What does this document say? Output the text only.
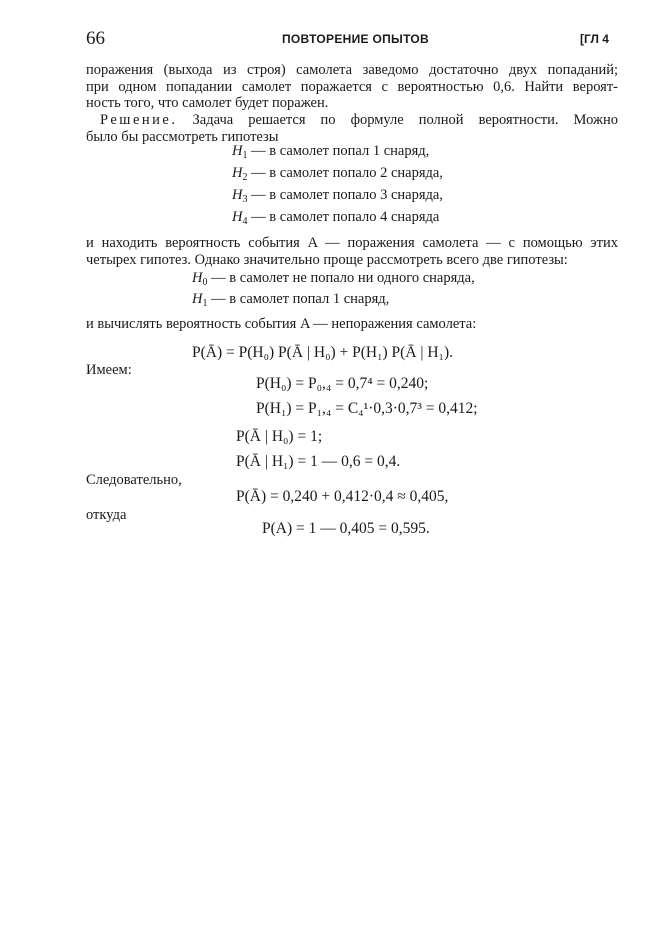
66	ПОВТОРЕНИЕ ОПЫТОВ	[ГЛ 4
поражения (выхода из строя) самолета заведомо достаточно двух попаданий;
при одном попадании самолет поражается с вероятностью 0,6. Найти вероят-
ность того, что самолет будет поражен.
Решение. Задача решается по формуле полной вероятности. Можно
было бы рассмотреть гипотезы
$H_1$ — в самолет попал 1 снаряд,
$H_2$ — в самолет попало 2 снаряда,
$H_3$ — в самолет попало 3 снаряда,
$H_4$ — в самолет попало 4 снаряда
и находить вероятность события A — поражения самолета — с помощью этих
четырех гипотез. Однако значительно проще рассмотреть всего две гипотезы:
$H_0$ — в самолет не попало ни одного снаряда,
$H_1$ — в самолет попал 1 снаряд,
и вычислять вероятность события A — непоражения самолета:
P(Ā) = P(H₀) P(Ā | H₀) + P(H₁) P(Ā | H₁).
Имеем:
P(H₀) = P₀,₄ = 0,7⁴ = 0,240;
P(H₁) = P₁,₄ = C₄¹·0,3·0,7³ = 0,412;
P(Ā | H₀) = 1;
P(Ā | H₁) = 1 — 0,6 = 0,4.
Следовательно,
P(Ā) = 0,240 + 0,412·0,4 ≈ 0,405,
откуда
P(A) = 1 — 0,405 = 0,595.
